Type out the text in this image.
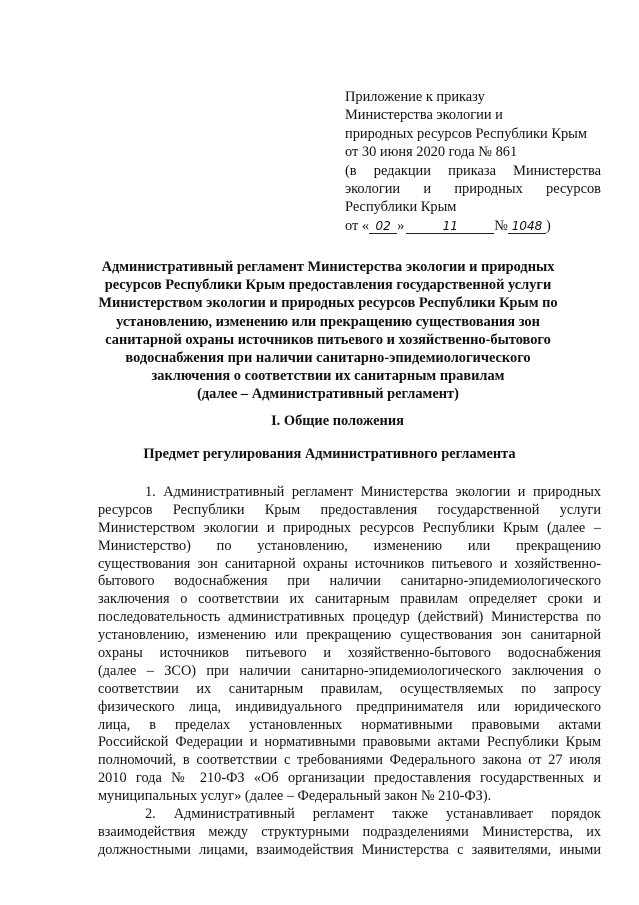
Приложение к приказу
Министерства экологии и
природных ресурсов Республики Крым
от 30 июня 2020 года № 861
(в редакции приказа Министерства
экологии и природных ресурсов
Республики Крым
от « 02 »	11	№ 1048 )
Административный регламент Министерства экологии и природных
ресурсов Республики Крым предоставления государственной услуги
Министерством экологии и природных ресурсов Республики Крым по
установлению, изменению или прекращению существования зон
санитарной охраны источников питьевого и хозяйственно-бытового
водоснабжения при наличии санитарно-эпидемиологического
заключения о соответствии их санитарным правилам
(далее – Административный регламент)
I. Общие положения
Предмет регулирования Административного регламента
1. Административный регламент Министерства экологии и природных
ресурсов Республики Крым предоставления государственной услуги
Министерством экологии и природных ресурсов Республики Крым (далее –
Министерство) по установлению, изменению или прекращению
существования зон санитарной охраны источников питьевого и хозяйственно-
бытового водоснабжения при наличии санитарно-эпидемиологического
заключения о соответствии их санитарным правилам определяет сроки и
последовательность административных процедур (действий) Министерства по
установлению, изменению или прекращению существования зон санитарной
охраны источников питьевого и хозяйственно-бытового водоснабжения
(далее – ЗСО) при наличии санитарно-эпидемиологического заключения о
соответствии их санитарным правилам, осуществляемых по запросу
физического лица, индивидуального предпринимателя или юридического
лица, в пределах установленных нормативными правовыми актами
Российской Федерации и нормативными правовыми актами Республики Крым
полномочий, в соответствии с требованиями Федерального закона от 27 июля
2010 года № 210-ФЗ «Об организации предоставления государственных и
муниципальных услуг» (далее – Федеральный закон № 210-ФЗ).
2. Административный регламент также устанавливает порядок
взаимодействия между структурными подразделениями Министерства, их
должностными лицами, взаимодействия Министерства с заявителями, иными
